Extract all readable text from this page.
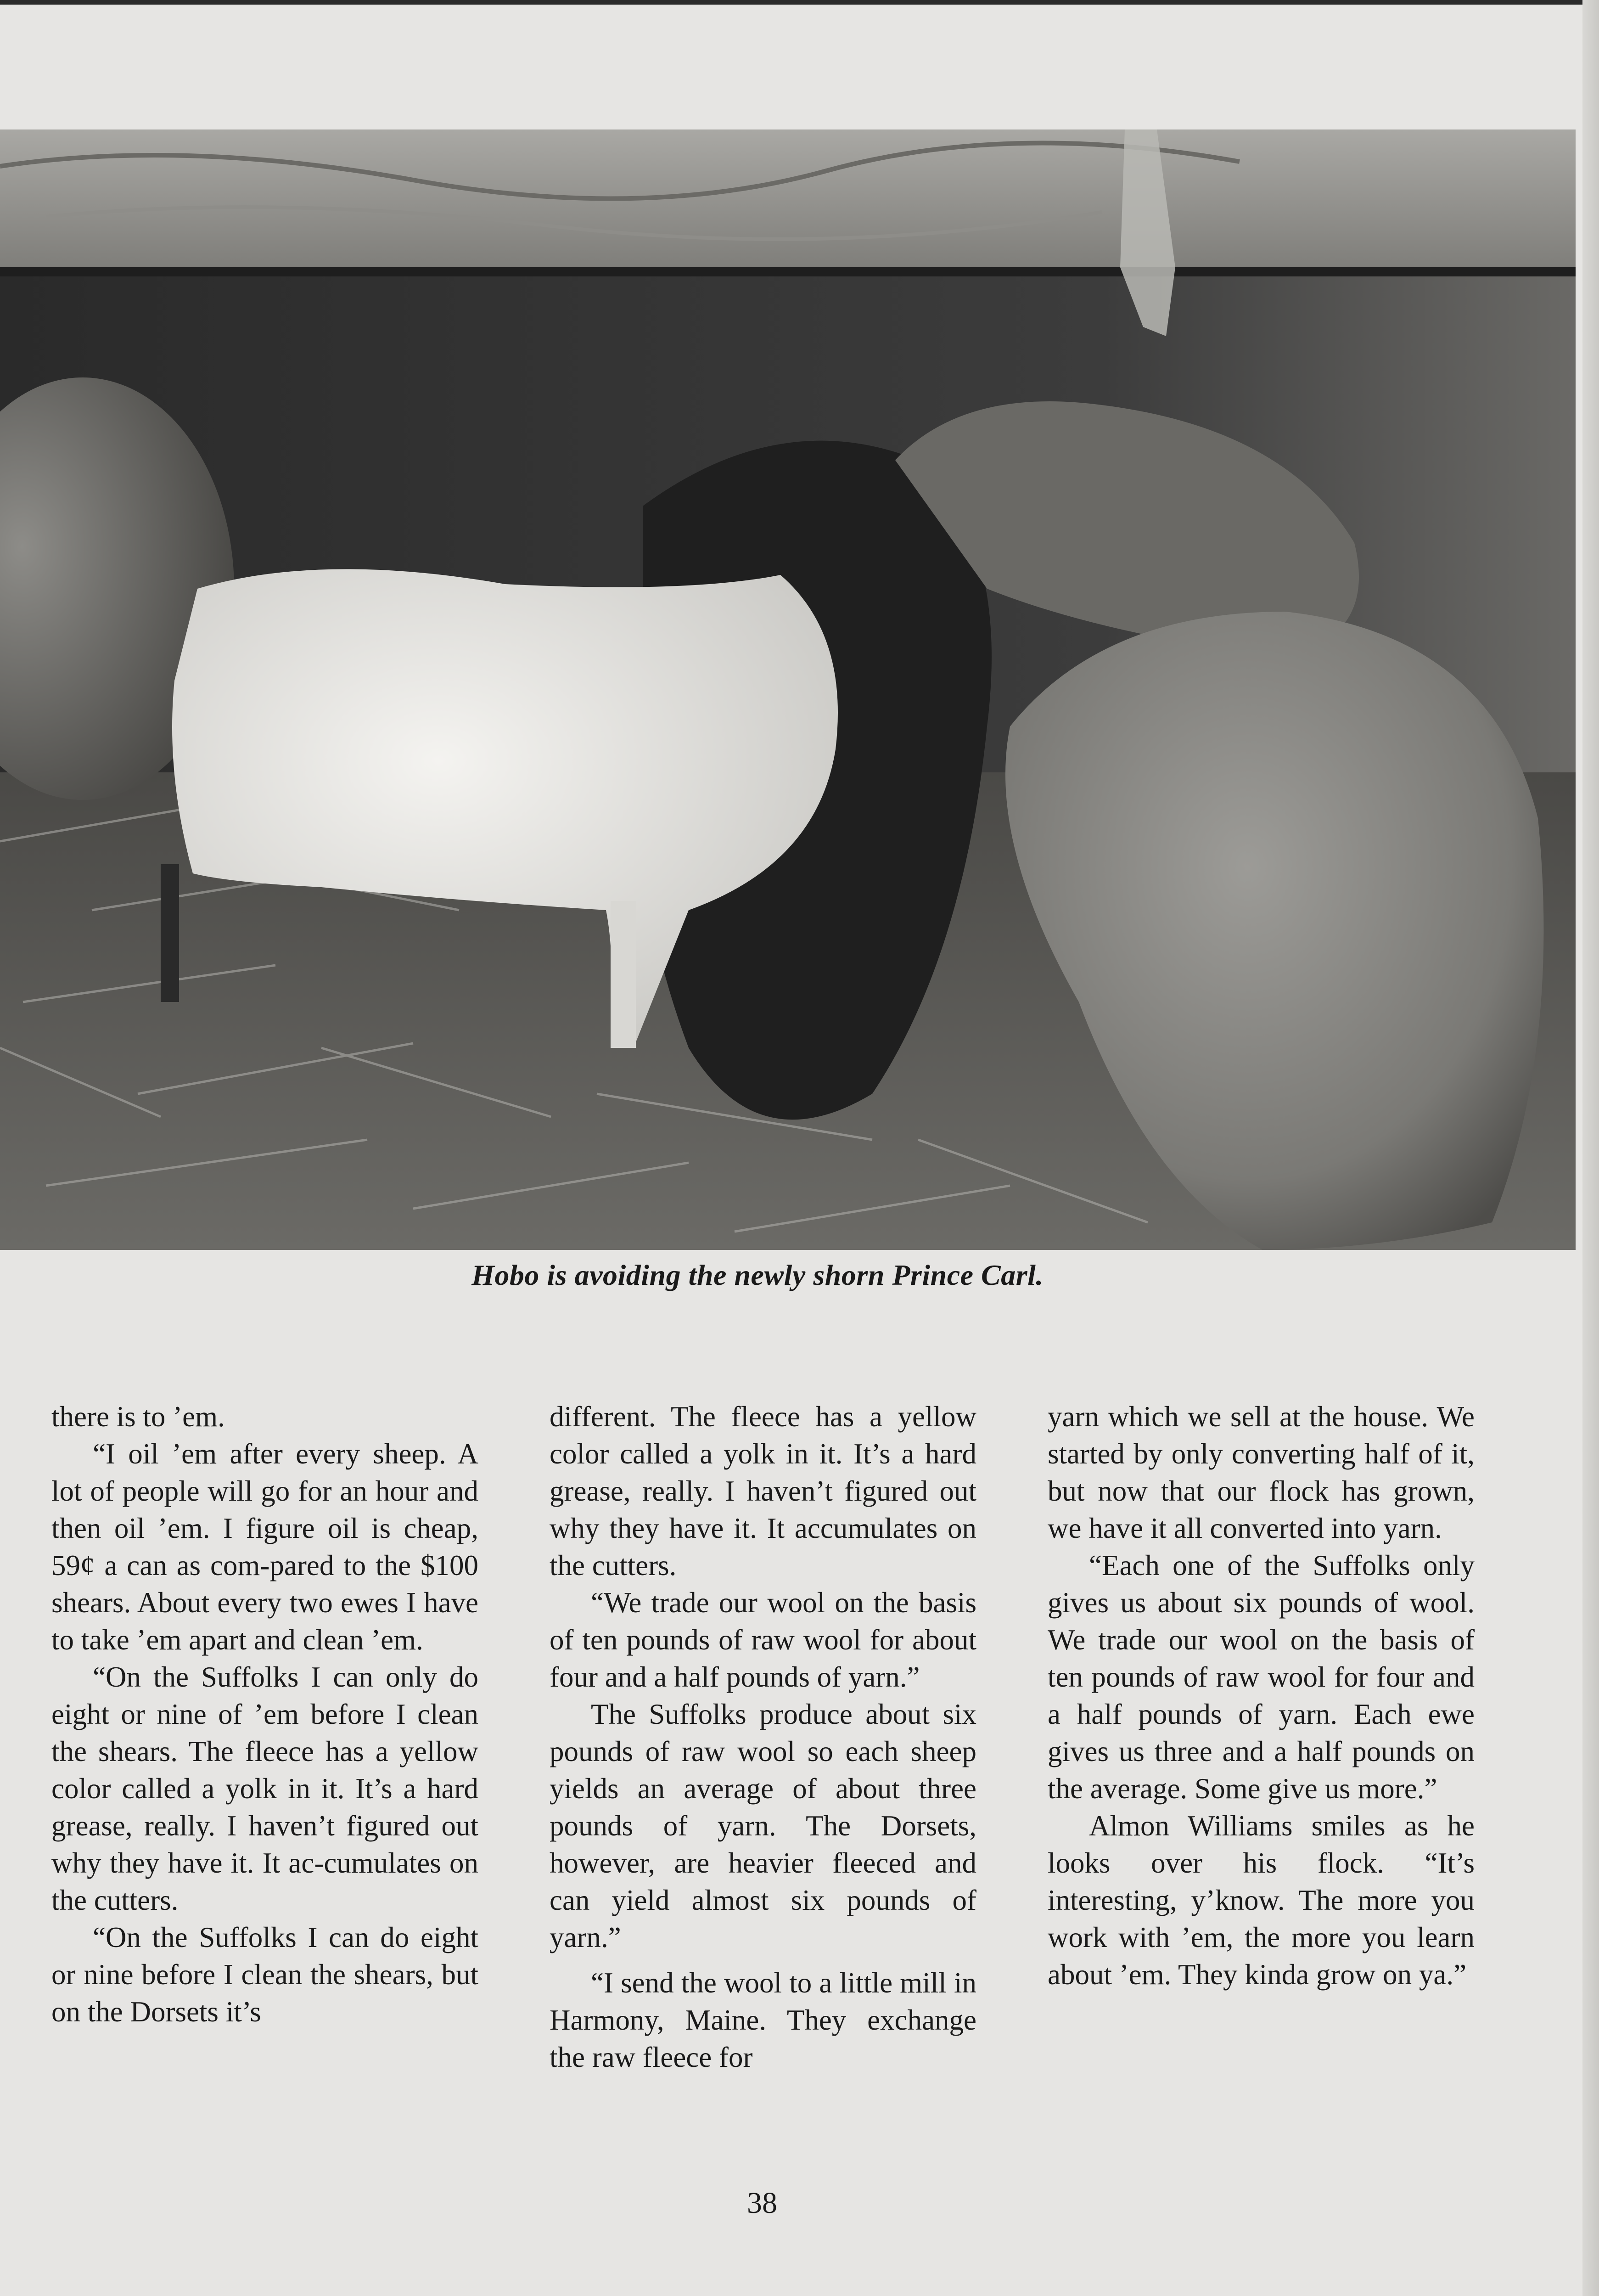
Hobo is avoiding the newly shorn Prince Carl.

there is to ’em.

“I oil ’em after every sheep. A lot of people will go for an hour and then oil ’em. I figure oil is cheap, 59¢ a can as com-pared to the $100 shears. About every two ewes I have to take ’em apart and clean ’em.

“On the Suffolks I can only do eight or nine of ’em before I clean the shears. The fleece has a yellow color called a yolk in it. It’s a hard grease, really. I haven’t figured out why they have it. It ac-cumulates on the cutters.

“On the Suffolks I can do eight or nine before I clean the shears, but on the Dorsets it’s

different. The fleece has a yellow color called a yolk in it. It’s a hard grease, really. I haven’t figured out why they have it. It accumulates on the cutters.

“We trade our wool on the basis of ten pounds of raw wool for about four and a half pounds of yarn.”

The Suffolks produce about six pounds of raw wool so each sheep yields an average of about three pounds of yarn. The Dorsets, however, are heavier fleeced and can yield almost six pounds of yarn.”

“I send the wool to a little mill in Harmony, Maine. They exchange the raw fleece for

yarn which we sell at the house. We started by only converting half of it, but now that our flock has grown, we have it all converted into yarn.

“Each one of the Suffolks only gives us about six pounds of wool. We trade our wool on the basis of ten pounds of raw wool for four and a half pounds of yarn. Each ewe gives us three and a half pounds on the average. Some give us more.”

Almon Williams smiles as he looks over his flock. “It’s interesting, y’know. The more you work with ’em, the more you learn about ’em. They kinda grow on ya.”

38
